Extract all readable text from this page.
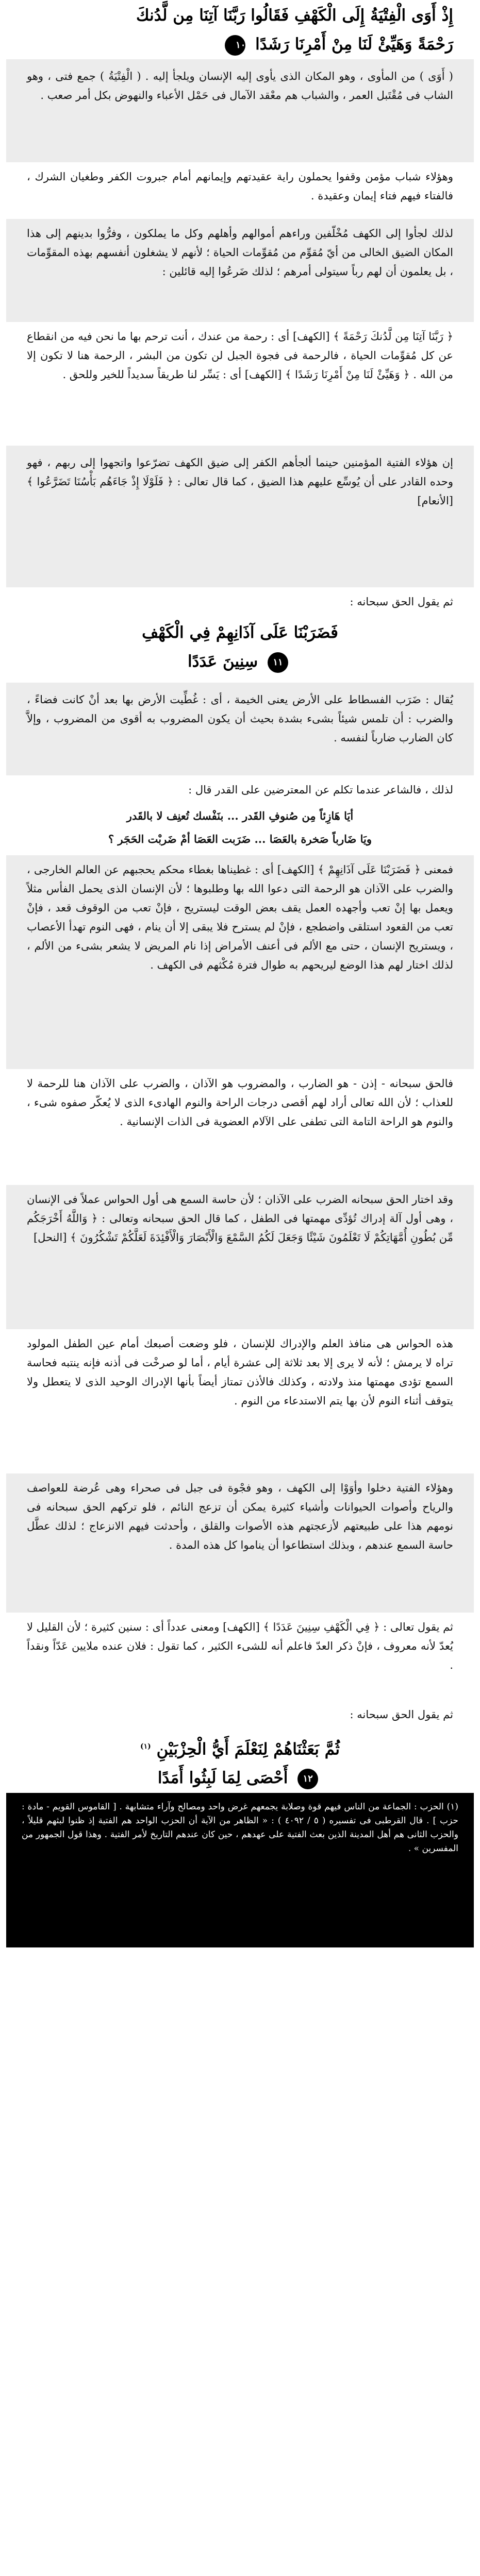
إِذْ أَوَى الْفِتْيَةُ إِلَى الْكَهْفِ فَقَالُوا رَبَّنَا آتِنَا مِن لَّدُنكَ
رَحْمَةً وَهَيِّئْ لَنَا مِنْ أَمْرِنَا رَشَدًا ١٠
( أَوَى ) من المأوى ، وهو المكان الذى يأوى إليه الإنسان ويلجأ إليه . ( الْفِتْيَةُ ) جمع فتى ، وهو الشاب فى مُقْتَبل العمر ، والشباب هم معْقد الآمال فى حَمْل الأعباء والنهوض بكل أمر صعب .
وهؤلاء شباب مؤمن وقفوا يحملون راية عقيدتهم وإيمانهم أمام جبروت الكفر وطغيان الشرك ، فالفتاء فيهم فتاء إيمان وعقيدة .
لذلك لجأوا إلى الكهف مُخْلّفين وراءهم أموالهم وأهلهم وكل ما يملكون ، وفرُّوا بدينهم إلى هذا المكان الضيق الخالى من أيّ مُقوِّم من مُقوِّمات الحياة ؛ لأنهم لا يشغلون أنفسهم بهذه المقوِّمات ، بل يعلمون أن لهم رباً سيتولى أمرهم ؛ لذلك ضَرعُوا إليه قائلين :
﴿ رَبَّنَا آتِنَا مِن لَّدُنكَ رَحْمَةً ﴾ [الكهف] أى : رحمة من عندك ، أنت ترحم بها ما نحن فيه من انقطاع عن كل مُقوِّمات الحياة ، فالرحمة فى فجوة الجبل لن تكون من البشر ، الرحمة هنا لا تكون إلا من الله . ﴿ وَهَيِّئْ لَنَا مِنْ أَمْرِنَا رَشَدًا ﴾ [الكهف] أى : يَسِّر لنا طريقاً سديداً للخير وللحق .
إن هؤلاء الفتية المؤمنين حينما ألجأهم الكفر إلى ضيق الكهف تضرّعوا واتجهوا إلى ربهم ، فهو وحده القادر على أن يُوسِّع عليهم هذا الضيق ، كما قال تعالى : ﴿ فَلَوْلَا إِذْ جَاءَهُم بَأْسُنَا تَضَرَّعُوا ﴾ [الأنعام]
ثم يقول الحق سبحانه :
فَضَرَبْنَا عَلَى آذَانِهِمْ فِي الْكَهْفِ
سِنِينَ عَدَدًا ١١
يُقال : ضَرَب الفسطاط على الأرض يعنى الخيمة ، أى : غُطِّيت الأرض بها بعد أنْ كانت فضاءً ، والضرب : أن تلمس شيئاً بشىء بشدة بحيث أن يكون المضروب به أقوى من المضروب ، وإلاَّ كان الضارب ضارباً لنفسه .
لذلك ، فالشاعر عندما تكلم عن المعترضين على القدر قال :
أيَا هَازِئاً مِن صُنوفِ القَدر ... بنَفْسك تُعنِف لا بالقَدر
ويَا ضَارباً صَخرة بالعَصَا ... ضَرَبت العَصَا أمْ ضَربْت الحَجَر ؟
فمعنى ﴿ فَضَرَبْنَا عَلَى آذَانِهِمْ ﴾ [الكهف] أى : غطيناها بغطاء محكم يحجبهم عن العالم الخارجى ، والضرب على الآذان هو الرحمة التى دعوا الله بها وطلبوها ؛ لأن الإنسان الذى يحمل الفأس مثلاً ويعمل بها إنْ تعب وأجهده العمل يقف بعض الوقت ليستريح ، فإنْ تعب من الوقوف قعد ، فإنْ تعب من القعود استلقى واضطجع ، فإنْ لم يسترح فلا يبقى إلا أن ينام ، فهى النوم تهدأ الأعصاب ، ويستريح الإنسان ، حتى مع الألم فى أعنف الأمراض إذا نام المريض لا يشعر بشىء من الألم ، لذلك اختار لهم هذا الوضع ليريحهم به طوال فترة مُكْثهم فى الكهف .
فالحق سبحانه - إذن - هو الضارب ، والمضروب هو الآذان ، والضرب على الآذان هنا للرحمة لا للعذاب ؛ لأن الله تعالى أراد لهم أقصى درجات الراحة والنوم الهادىء الذى لا يُعكّر صفوه شىء ، والنوم هو الراحة التامة التى تطفى على الآلام العضوية فى الذات الإنسانية .
وقد اختار الحق سبحانه الضرب على الآذان ؛ لأن حاسة السمع هى أول الحواس عملاً فى الإنسان ، وهى أول آلة إدراك تُؤدِّى مهمتها فى الطفل ، كما قال الحق سبحانه وتعالى : ﴿ وَاللَّهُ أَخْرَجَكُم مِّن بُطُونِ أُمَّهَاتِكُمْ لَا تَعْلَمُونَ شَيْئًا وَجَعَلَ لَكُمُ السَّمْعَ وَالْأَبْصَارَ وَالْأَفْئِدَةَ لَعَلَّكُمْ تَشْكُرُونَ ﴾ [النحل]
هذه الحواس هى منافذ العلم والإدراك للإنسان ، فلو وضعت أصبعك أمام عين الطفل المولود تراه لا يرمش ؛ لأنه لا يرى إلا بعد ثلاثة إلى عشرة أيام ، أما لو صرخْت فى أذنه فإنه ينتبه فحاسة السمع تؤدى مهمتها منذ ولادته ، وكذلك فالأذن تمتاز أيضاً بأنها الإدراك الوحيد الذى لا يتعطل ولا يتوقف أثناء النوم لأن بها يتم الاستدعاء من النوم .
وهؤلاء الفتية دخلوا وأوَوْا إلى الكهف ، وهو فجْوة فى جبل فى صحراء وهى عُرضة للعواصف والرياح وأصوات الحيوانات وأشياء كثيرة يمكن أن تزعج النائم ، فلو تركهم الحق سبحانه فى نومهم هذا على طبيعتهم لأزعجتهم هذه الأصوات والقلق ، وأحدثت فيهم الانزعاج ؛ لذلك عطَّل حاسة السمع عندهم ، وبذلك استطاعوا أن يناموا كل هذه المدة .
ثم يقول تعالى : ﴿ فِي الْكَهْفِ سِنِينَ عَدَدًا ﴾ [الكهف] ومعنى عدداً أى : سنين كثيرة ؛ لأن القليل لا يُعدّ لأنه معروف ، فإنْ ذكر العدّ فاعلم أنه للشىء الكثير ، كما تقول : فلان عنده ملايين عَدّاً ونقداً .
ثم يقول الحق سبحانه :
ثُمَّ بَعَثْنَاهُمْ لِنَعْلَمَ أَيُّ الْحِزْبَيْنِ $^{(١)}$
أَحْصَى لِمَا لَبِثُوا أَمَدًا ١٢
(١) الحزب : الجماعة من الناس فيهم قوة وصلابة يجمعهم غرض واحد ومصالح وآراء متشابهة . [ القاموس القويم - مادة : حزب ] . قال القرطبى فى تفسيره ( ٥ / ٤٠٩٢ ) : « الظاهر من الآية أن الحزب الواحد هم الفتية إذ ظنوا لبثهم قليلاً ، والحزب الثانى هم أهل المدينة الذين بعث الفتية على عهدهم ، حين كان عندهم التاريخ لأمر الفتية . وهذا قول الجمهور من المفسرين » .
